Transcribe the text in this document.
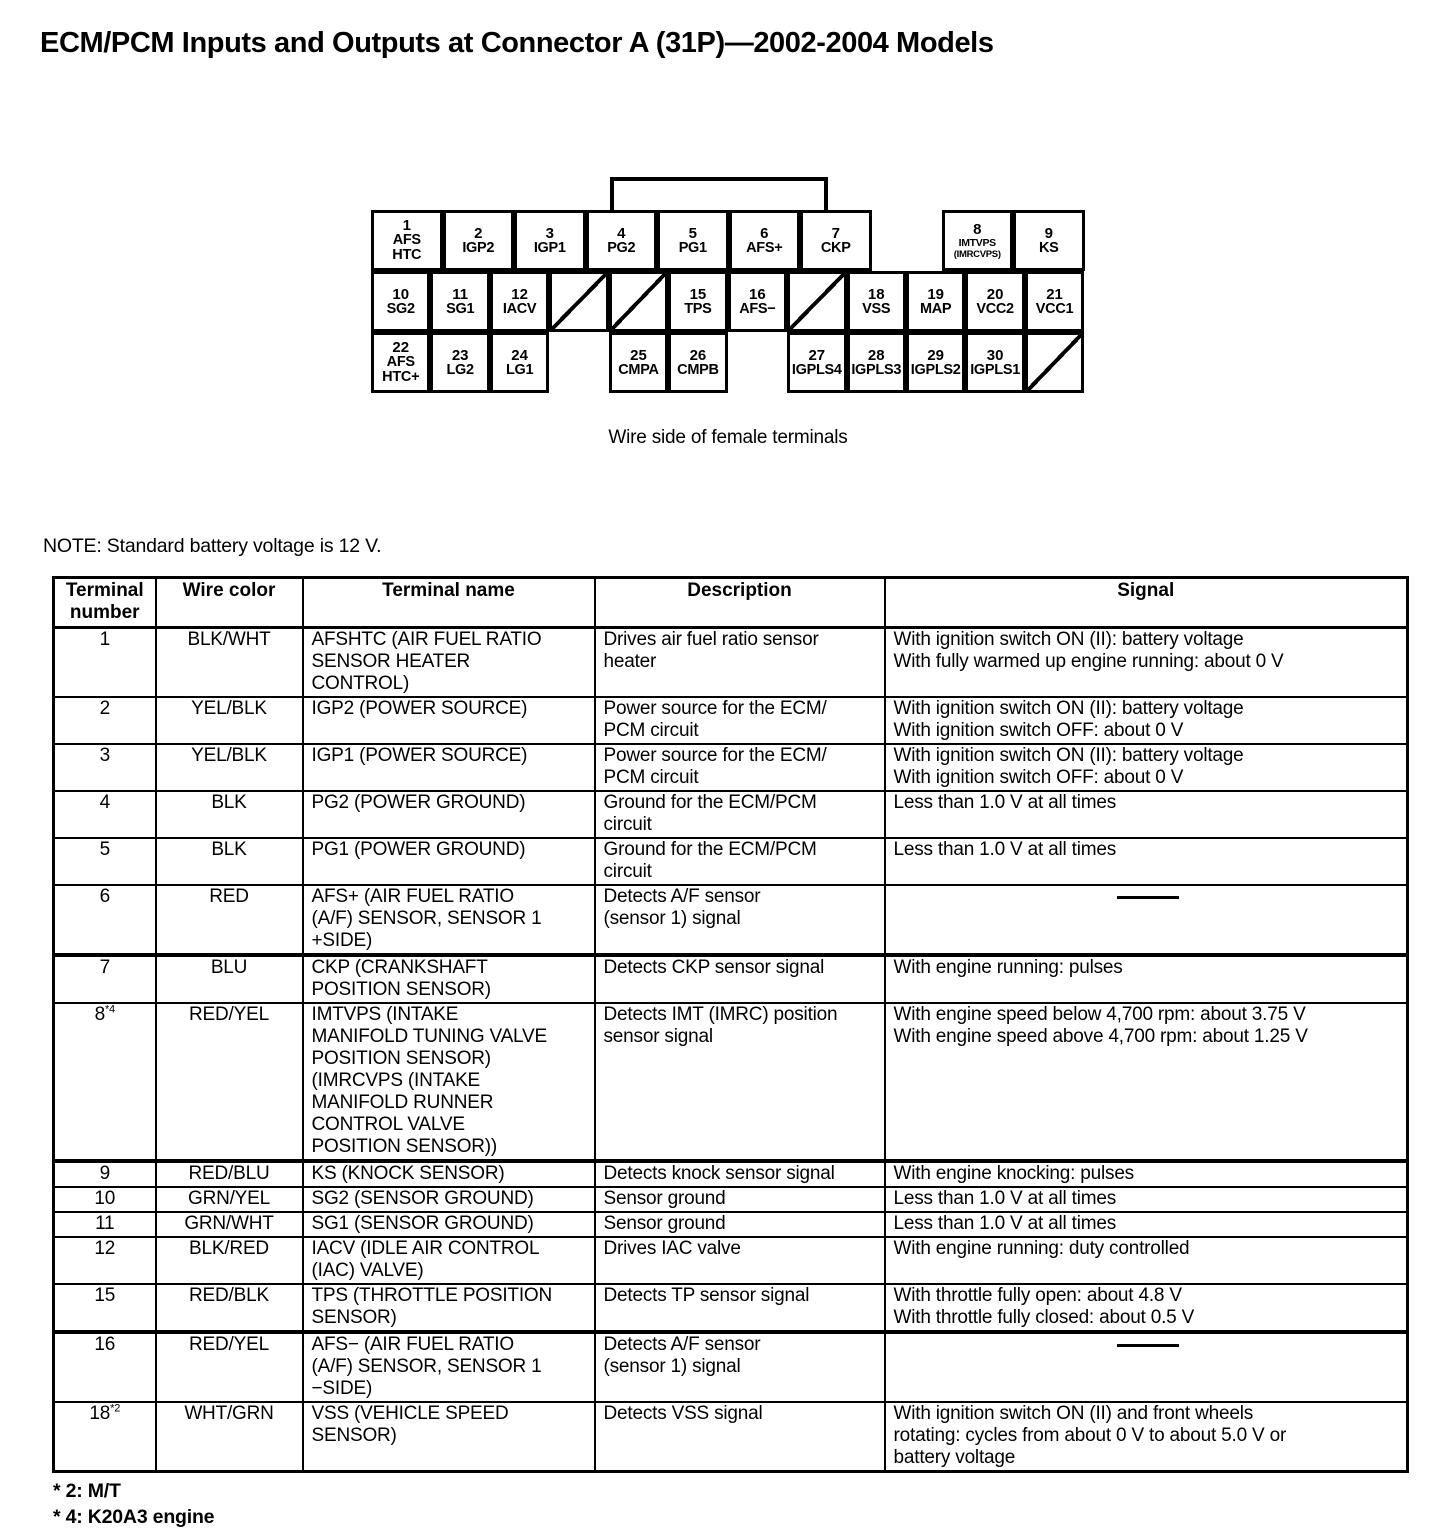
ECM/PCM Inputs and Outputs at Connector A (31P)—2002-2004 Models
1
AFS
HTC
2
IGP2
3
IGP1
4
PG2
5
PG1
6
AFS+
7
CKP
8
IMTVPS
(IMRCVPS)
9
KS
10
SG2
11
SG1
12
IACV
15
TPS
16
AFS−
18
VSS
19
MAP
20
VCC2
21
VCC1
22
AFS
HTC+
23
LG2
24
LG1
25
CMPA
26
CMPB
27
IGPLS4
28
IGPLS3
29
IGPLS2
30
IGPLS1
Wire side of female terminals
NOTE: Standard battery voltage is 12 V.
Terminal number	Wire color	Terminal name	Description	Signal
1	BLK/WHT	AFSHTC (AIR FUEL RATIO
SENSOR HEATER
CONTROL)	Drives air fuel ratio sensor
heater	With ignition switch ON (II): battery voltage
With fully warmed up engine running: about 0 V
2	YEL/BLK	IGP2 (POWER SOURCE)	Power source for the ECM/
PCM circuit	With ignition switch ON (II): battery voltage
With ignition switch OFF: about 0 V
3	YEL/BLK	IGP1 (POWER SOURCE)	Power source for the ECM/
PCM circuit	With ignition switch ON (II): battery voltage
With ignition switch OFF: about 0 V
4	BLK	PG2 (POWER GROUND)	Ground for the ECM/PCM
circuit	Less than 1.0 V at all times
5	BLK	PG1 (POWER GROUND)	Ground for the ECM/PCM
circuit	Less than 1.0 V at all times
6	RED	AFS+ (AIR FUEL RATIO
(A/F) SENSOR, SENSOR 1
+SIDE)	Detects A/F sensor
(sensor 1) signal	

7	BLU	CKP (CRANKSHAFT
POSITION SENSOR)	Detects CKP sensor signal	With engine running: pulses
8$^{*4}$	RED/YEL	IMTVPS (INTAKE
MANIFOLD TUNING VALVE
POSITION SENSOR)
(IMRCVPS (INTAKE
MANIFOLD RUNNER
CONTROL VALVE
POSITION SENSOR))	Detects IMT (IMRC) position
sensor signal	With engine speed below 4,700 rpm: about 3.75 V
With engine speed above 4,700 rpm: about 1.25 V
9	RED/BLU	KS (KNOCK SENSOR)	Detects knock sensor signal	With engine knocking: pulses
10	GRN/YEL	SG2 (SENSOR GROUND)	Sensor ground	Less than 1.0 V at all times
11	GRN/WHT	SG1 (SENSOR GROUND)	Sensor ground	Less than 1.0 V at all times
12	BLK/RED	IACV (IDLE AIR CONTROL
(IAC) VALVE)	Drives IAC valve	With engine running: duty controlled
15	RED/BLK	TPS (THROTTLE POSITION
SENSOR)	Detects TP sensor signal	With throttle fully open: about 4.8 V
With throttle fully closed: about 0.5 V
16	RED/YEL	AFS− (AIR FUEL RATIO
(A/F) SENSOR, SENSOR 1
−SIDE)	Detects A/F sensor
(sensor 1) signal	

18$^{*2}$	WHT/GRN	VSS (VEHICLE SPEED
SENSOR)	Detects VSS signal	With ignition switch ON (II) and front wheels
rotating: cycles from about 0 V to about 5.0 V or
battery voltage
* 2: M/T
* 4: K20A3 engine
